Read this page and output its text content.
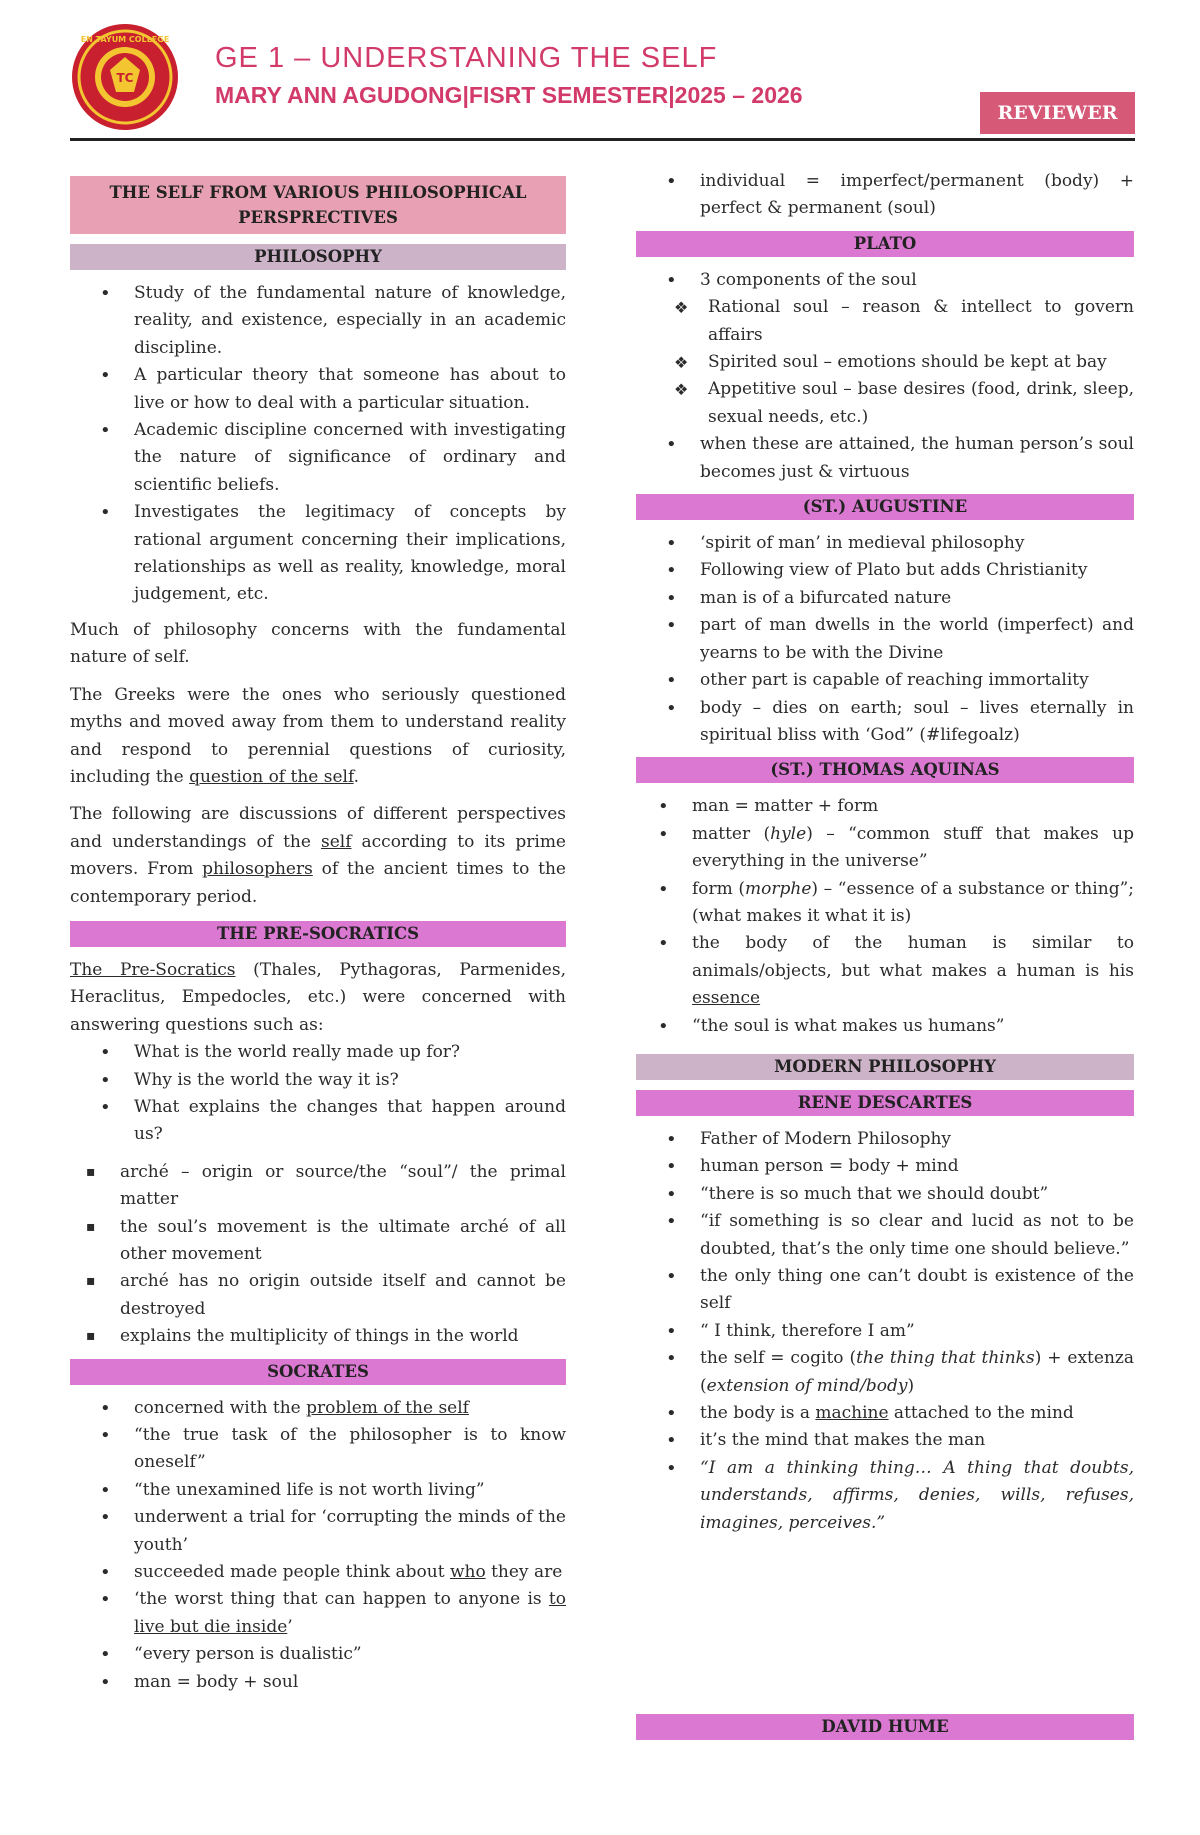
TC
EN TAYUM COLLEGE
GE 1 – UNDERSTANING THE SELF
MARY ANN AGUDONG|FISRT SEMESTER|2025 – 2026
REVIEWER
THE SELF FROM VARIOUS PHILOSOPHICAL PERSPRECTIVES
PHILOSOPHY
• Study of the fundamental nature of knowledge, reality, and existence, especially in an academic discipline.
• A particular theory that someone has about to live or how to deal with a particular situation.
• Academic discipline concerned with investigating the nature of significance of ordinary and scientific beliefs.
• Investigates the legitimacy of concepts by rational argument concerning their implications, relationships as well as reality, knowledge, moral judgement, etc.

Much of philosophy concerns with the fundamental nature of self.

The Greeks were the ones who seriously questioned myths and moved away from them to understand reality and respond to perennial questions of curiosity, including the question of the self.

The following are discussions of different perspectives and understandings of the self according to its prime movers. From philosophers of the ancient times to the contemporary period.

THE PRE-SOCRATICS

The Pre-Socratics (Thales, Pythagoras, Parmenides, Heraclitus, Empedocles, etc.) were concerned with answering questions such as:

• What is the world really made up for?
• Why is the world the way it is?
• What explains the changes that happen around us?
▪ arché – origin or source/the “soul”/ the primal matter
▪ the soul’s movement is the ultimate arché of all other movement
▪ arché has no origin outside itself and cannot be destroyed
▪ explains the multiplicity of things in the world
SOCRATES
• concerned with the problem of the self
• “the true task of the philosopher is to know oneself”
• “the unexamined life is not worth living”
• underwent a trial for ‘corrupting the minds of the youth’
• succeeded made people think about who they are
• ‘the worst thing that can happen to anyone is to live but die inside’
• “every person is dualistic”
• man = body + soul
• individual = imperfect/permanent (body) + perfect & permanent (soul)
PLATO
• 3 components of the soul
❖ Rational soul – reason & intellect to govern affairs
❖ Spirited soul – emotions should be kept at bay
❖ Appetitive soul – base desires (food, drink, sleep, sexual needs, etc.)
• when these are attained, the human person’s soul becomes just & virtuous
(ST.) AUGUSTINE
• ‘spirit of man’ in medieval philosophy
• Following view of Plato but adds Christianity
• man is of a bifurcated nature
• part of man dwells in the world (imperfect) and yearns to be with the Divine
• other part is capable of reaching immortality
• body – dies on earth; soul – lives eternally in spiritual bliss with ‘God” (#lifegoalz)
(ST.) THOMAS AQUINAS
• man = matter + form
• matter (hyle) – “common stuff that makes up everything in the universe”
• form (morphe) – “essence of a substance or thing”; (what makes it what it is)
• the body of the human is similar to animals/objects, but what makes a human is his essence
• “the soul is what makes us humans”
MODERN PHILOSOPHY
RENE DESCARTES
• Father of Modern Philosophy
• human person = body + mind
• “there is so much that we should doubt”
• “if something is so clear and lucid as not to be doubted, that’s the only time one should believe.”
• the only thing one can’t doubt is existence of the self
• “ I think, therefore I am”
• the self = cogito (the thing that thinks) + extenza (extension of mind/body)
• the body is a machine attached to the mind
• it’s the mind that makes the man
• “I am a thinking thing… A thing that doubts, understands, affirms, denies, wills, refuses, imagines, perceives.”
DAVID HUME
